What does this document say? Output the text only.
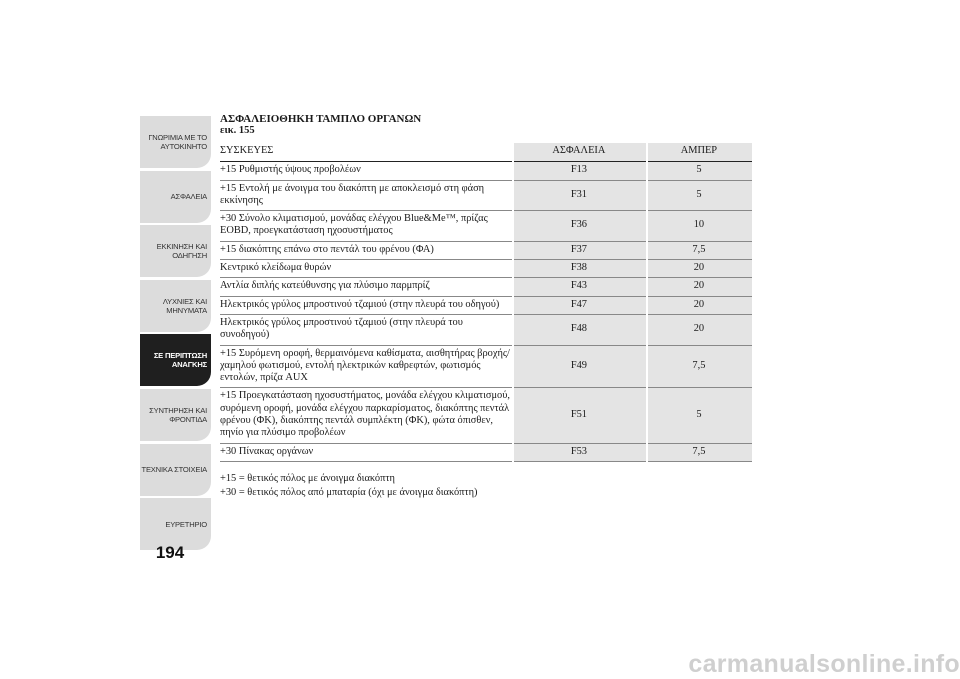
ΓΝΩΡΙΜΙΑ ΜΕ ΤΟ ΑΥΤΟΚΙΝΗΤΟ
ΑΣΦΑΛΕΙΑ
ΕΚΚΙΝΗΣΗ ΚΑΙ ΟΔΗΓΗΣΗ
ΛΥΧΝΙΕΣ ΚΑΙ ΜΗΝΥΜΑΤΑ
ΣΕ ΠΕΡΙΠΤΩΣΗ ΑΝΑΓΚΗΣ
ΣΥΝΤΗΡΗΣΗ ΚΑΙ ΦΡΟΝΤΙΔΑ
ΤΕΧΝΙΚΑ ΣΤΟΙΧΕΙΑ
ΕΥΡΕΤΗΡΙΟ
194
ΑΣΦΑΛΕΙΟΘΗΚΗ ΤΑΜΠΛΟ ΟΡΓΑΝΩΝ
εικ. 155
ΣΥΣΚΕΥΕΣ	ΑΣΦΑΛΕΙΑ	ΑΜΠΕΡ
+15 Ρυθμιστής ύψους προβολέων	F13	5
+15 Εντολή με άνοιγμα του διακόπτη με αποκλεισμό στη φάση εκκίνησης	F31	5
+30 Σύνολο κλιματισμού, μονάδας ελέγχου Blue&Me™, πρίζας EOBD, προεγκατάσταση ηχοσυστήματος	F36	10
+15 διακόπτης επάνω στο πεντάλ του φρένου (ΦΑ)	F37	7,5
Κεντρικό κλείδωμα θυρών	F38	20
Αντλία διπλής κατεύθυνσης για πλύσιμο παρμπρίζ	F43	20
Ηλεκτρικός γρύλος μπροστινού τζαμιού (στην πλευρά του οδηγού)	F47	20
Ηλεκτρικός γρύλος μπροστινού τζαμιού (στην πλευρά του συνοδηγού)	F48	20
+15 Συρόμενη οροφή, θερμαινόμενα καθίσματα, αισθητήρας βροχής/χαμηλού φωτισμού, εντολή ηλεκτρικών καθρεφτών, φωτισμός εντολών, πρίζα AUX	F49	7,5
+15 Προεγκατάσταση ηχοσυστήματος, μονάδα ελέγχου κλιματισμού, συρόμενη οροφή, μονάδα ελέγχου παρκαρίσματος, διακόπτης πεντάλ φρένου (ΦΚ), διακόπτης πεντάλ συμπλέκτη (ΦΚ), φώτα όπισθεν, πηνίο για πλύσιμο προβολέων	F51	5
+30 Πίνακας οργάνων	F53	7,5
+15 = θετικός πόλος με άνοιγμα διακόπτη
+30 = θετικός πόλος από μπαταρία (όχι με άνοιγμα διακόπτη)
carmanualsonline.info
